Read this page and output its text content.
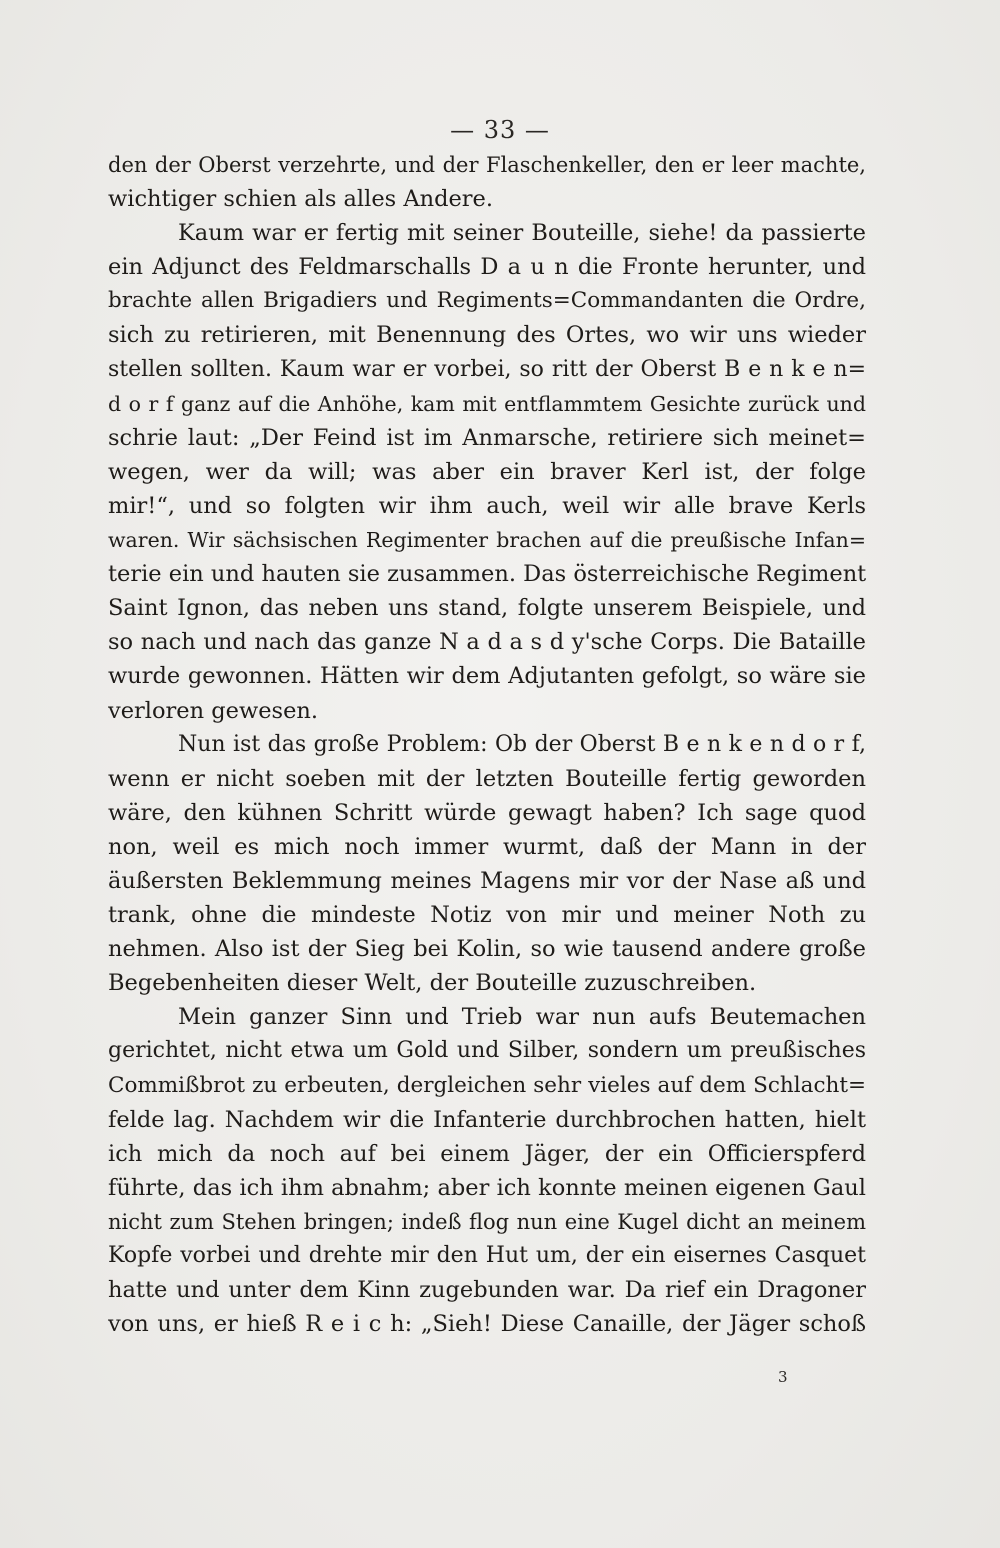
— 33 —
den der Oberst verzehrte, und der Flaschenkeller, den er leer machte,
wichtiger schien als alles Andere.
Kaum war er fertig mit seiner Bouteille, siehe! da passierte
ein Adjunct des Feldmarschalls D a u n die Fronte herunter, und
brachte allen Brigadiers und Regiments=Commandanten die Ordre,
sich zu retirieren, mit Benennung des Ortes, wo wir uns wieder
stellen sollten. Kaum war er vorbei, so ritt der Oberst B e n k e n=
d o r f ganz auf die Anhöhe, kam mit entflammtem Gesichte zurück und
schrie laut: „Der Feind ist im Anmarsche, retiriere sich meinet=
wegen, wer da will; was aber ein braver Kerl ist, der folge
mir!“, und so folgten wir ihm auch, weil wir alle brave Kerls
waren. Wir sächsischen Regimenter brachen auf die preußische Infan=
terie ein und hauten sie zusammen. Das österreichische Regiment
Saint Ignon, das neben uns stand, folgte unserem Beispiele, und
so nach und nach das ganze N a d a s d y'sche Corps. Die Bataille
wurde gewonnen. Hätten wir dem Adjutanten gefolgt, so wäre sie
verloren gewesen.
Nun ist das große Problem: Ob der Oberst B e n k e n d o r f,
wenn er nicht soeben mit der letzten Bouteille fertig geworden
wäre, den kühnen Schritt würde gewagt haben? Ich sage quod
non, weil es mich noch immer wurmt, daß der Mann in der
äußersten Beklemmung meines Magens mir vor der Nase aß und
trank, ohne die mindeste Notiz von mir und meiner Noth zu
nehmen. Also ist der Sieg bei Kolin, so wie tausend andere große
Begebenheiten dieser Welt, der Bouteille zuzuschreiben.
Mein ganzer Sinn und Trieb war nun aufs Beutemachen
gerichtet, nicht etwa um Gold und Silber, sondern um preußisches
Commißbrot zu erbeuten, dergleichen sehr vieles auf dem Schlacht=
felde lag. Nachdem wir die Infanterie durchbrochen hatten, hielt
ich mich da noch auf bei einem Jäger, der ein Officierspferd
führte, das ich ihm abnahm; aber ich konnte meinen eigenen Gaul
nicht zum Stehen bringen; indeß flog nun eine Kugel dicht an meinem
Kopfe vorbei und drehte mir den Hut um, der ein eisernes Casquet
hatte und unter dem Kinn zugebunden war. Da rief ein Dragoner
von uns, er hieß R e i c h: „Sieh! Diese Canaille, der Jäger schoß
3
